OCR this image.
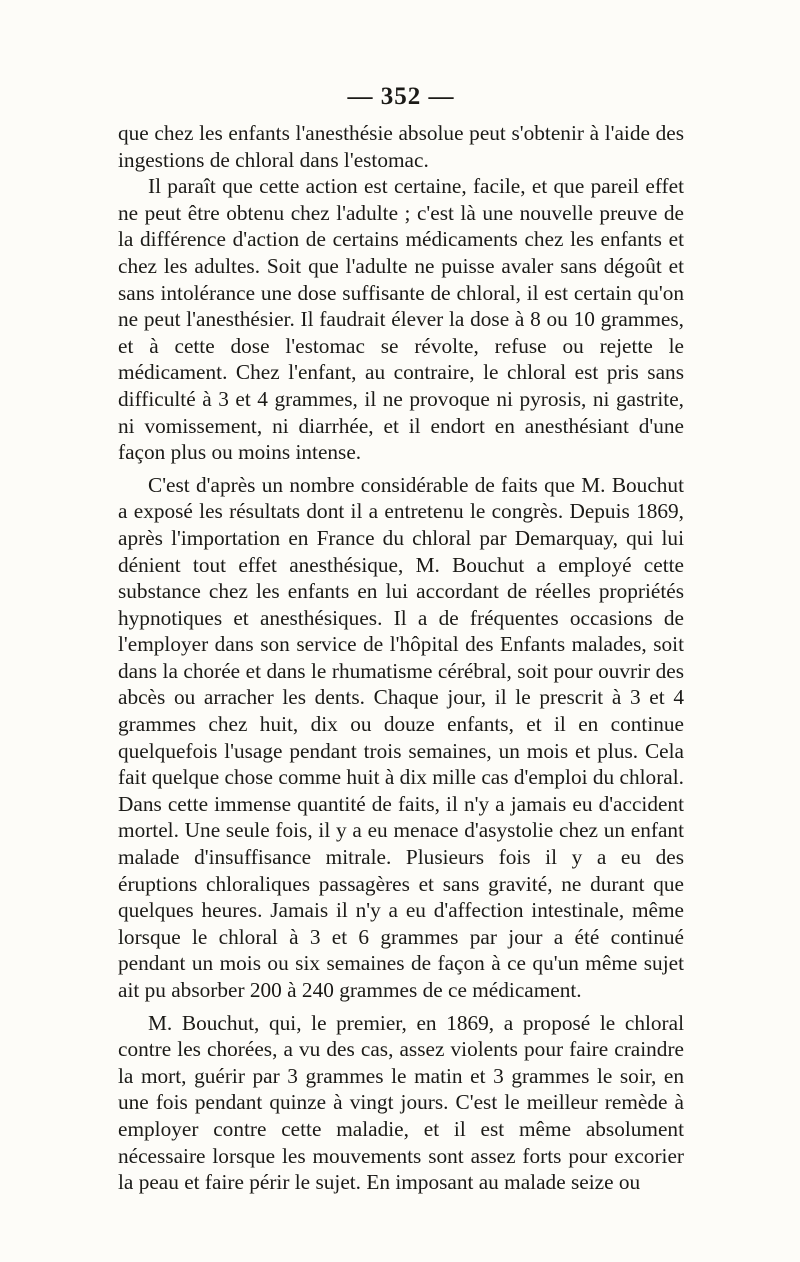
— 352 —

que chez les enfants l'anesthésie absolue peut s'obtenir à l'aide des ingestions de chloral dans l'estomac.

Il paraît que cette action est certaine, facile, et que pareil effet ne peut être obtenu chez l'adulte ; c'est là une nouvelle preuve de la différence d'action de certains médicaments chez les enfants et chez les adultes. Soit que l'adulte ne puisse avaler sans dégoût et sans intolérance une dose suffisante de chloral, il est certain qu'on ne peut l'anesthésier. Il faudrait élever la dose à 8 ou 10 grammes, et à cette dose l'estomac se révolte, refuse ou rejette le médicament. Chez l'enfant, au contraire, le chloral est pris sans difficulté à 3 et 4 grammes, il ne provoque ni pyrosis, ni gastrite, ni vomissement, ni diarrhée, et il endort en anesthésiant d'une façon plus ou moins intense.

C'est d'après un nombre considérable de faits que M. Bouchut a exposé les résultats dont il a entretenu le congrès. Depuis 1869, après l'importation en France du chloral par Demarquay, qui lui dénient tout effet anesthésique, M. Bouchut a employé cette substance chez les enfants en lui accordant de réelles propriétés hypnotiques et anesthésiques. Il a de fréquentes occasions de l'employer dans son service de l'hôpital des Enfants malades, soit dans la chorée et dans le rhumatisme cérébral, soit pour ouvrir des abcès ou arracher les dents. Chaque jour, il le prescrit à 3 et 4 grammes chez huit, dix ou douze enfants, et il en continue quelquefois l'usage pendant trois semaines, un mois et plus. Cela fait quelque chose comme huit à dix mille cas d'emploi du chloral. Dans cette immense quantité de faits, il n'y a jamais eu d'accident mortel. Une seule fois, il y a eu menace d'asystolie chez un enfant malade d'insuffisance mitrale. Plusieurs fois il y a eu des éruptions chloraliques passagères et sans gravité, ne durant que quelques heures. Jamais il n'y a eu d'affection intestinale, même lorsque le chloral à 3 et 6 grammes par jour a été continué pendant un mois ou six semaines de façon à ce qu'un même sujet ait pu absorber 200 à 240 grammes de ce médicament.

M. Bouchut, qui, le premier, en 1869, a proposé le chloral contre les chorées, a vu des cas, assez violents pour faire craindre la mort, guérir par 3 grammes le matin et 3 grammes le soir, en une fois pendant quinze à vingt jours. C'est le meilleur remède à employer contre cette maladie, et il est même absolument nécessaire lorsque les mouvements sont assez forts pour excorier la peau et faire périr le sujet. En imposant au malade seize ou
